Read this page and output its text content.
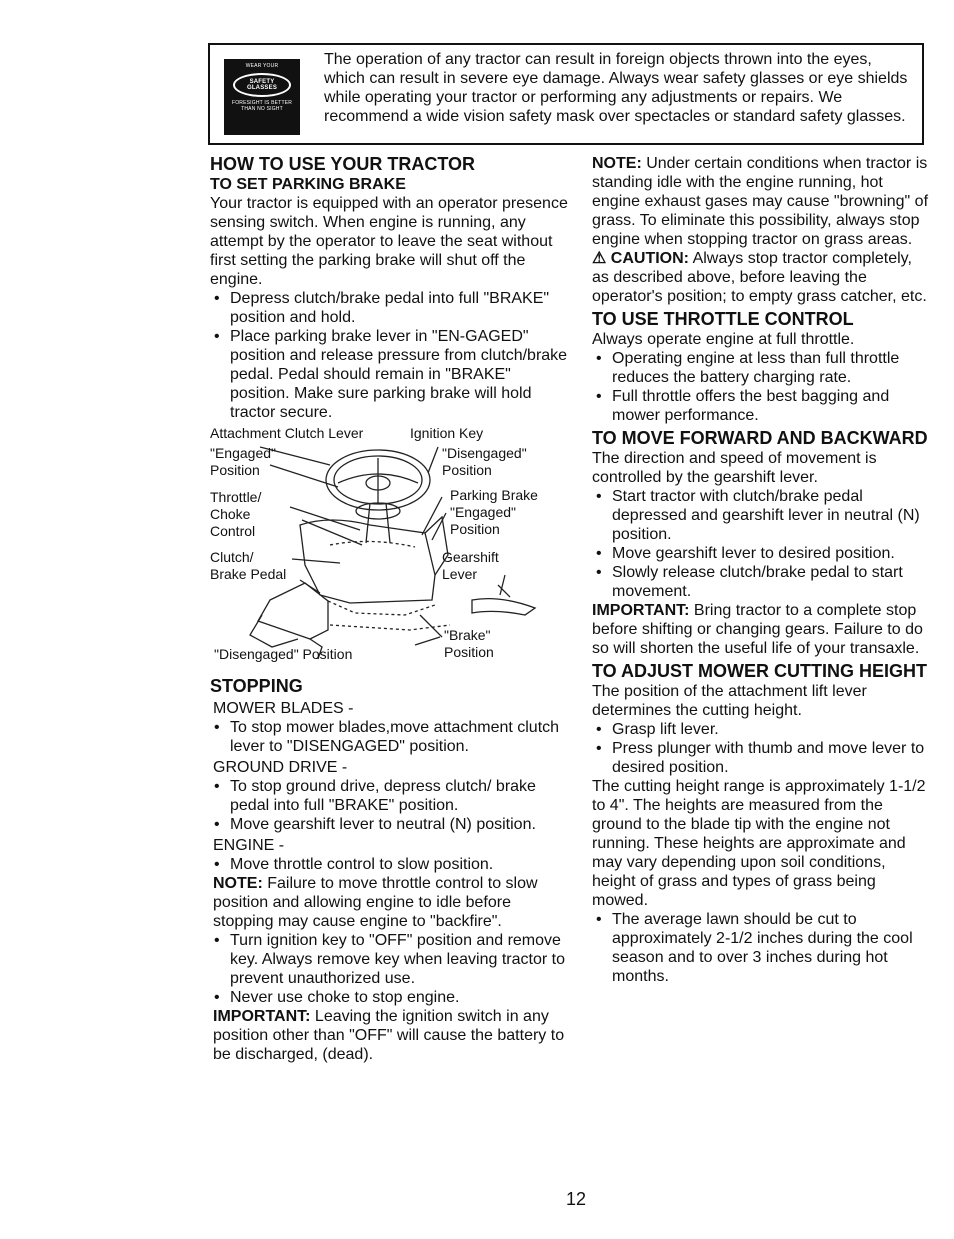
WEAR YOUR
SAFETY GLASSES
FORESIGHT IS BETTER THAN NO SIGHT

The operation of any tractor can result in foreign objects thrown into the eyes, which can result in severe eye damage. Always wear safety glasses or eye shields while operating your tractor or performing any adjustments or repairs. We recommend a wide vision safety mask over spectacles or standard safety glasses.

HOW TO USE YOUR TRACTOR
TO SET PARKING BRAKE

Your tractor is equipped with an operator presence sensing switch. When engine is running, any attempt by the operator to leave the seat without first setting the parking brake will shut off the engine.

• Depress clutch/brake pedal into full "BRAKE" position and hold.
• Place parking brake lever in "EN-GAGED" position and release pressure from clutch/brake pedal. Pedal should remain in "BRAKE" position. Make sure parking brake will hold tractor secure.
Attachment Clutch Lever	Ignition Key
"Engaged"
Position
"Disengaged"
Position
Throttle/
Choke
Control
Parking Brake
"Engaged"
Position
Clutch/
Brake Pedal
Gearshift
Lever
"Brake"
Position
"Disengaged" Position
STOPPING

MOWER BLADES -

• To stop mower blades,move attachment clutch lever to "DISENGAGED" position.

GROUND DRIVE -

• To stop ground drive, depress clutch/ brake pedal into full "BRAKE" position.
• Move gearshift lever to neutral (N) position.

ENGINE -

• Move throttle control to slow position.

NOTE: Failure to move throttle control to slow position and allowing engine to idle before stopping may cause engine to "backfire".

• Turn ignition key to "OFF" position and remove key. Always remove key when leaving tractor to prevent unauthorized use.
• Never use choke to stop engine.

IMPORTANT: Leaving the ignition switch in any position other than "OFF" will cause the battery to be discharged, (dead).

NOTE: Under certain conditions when tractor is standing idle with the engine running, hot engine exhaust gases may cause "browning" of grass. To eliminate this possibility, always stop engine when stopping tractor on grass areas.

⚠ CAUTION: Always stop tractor completely, as described above, before leaving the operator's position; to empty grass catcher, etc.

TO USE THROTTLE CONTROL

Always operate engine at full throttle.

• Operating engine at less than full throttle reduces the battery charging rate.
• Full throttle offers the best bagging and mower performance.
TO MOVE FORWARD AND BACKWARD

The direction and speed of movement is controlled by the gearshift lever.

• Start tractor with clutch/brake pedal depressed and gearshift lever in neutral (N) position.
• Move gearshift lever to desired position.
• Slowly release clutch/brake pedal to start movement.

IMPORTANT: Bring tractor to a complete stop before shifting or changing gears. Failure to do so will shorten the useful life of your transaxle.

TO ADJUST MOWER CUTTING HEIGHT

The position of the attachment lift lever determines the cutting height.

• Grasp lift lever.
• Press plunger with thumb and move lever to desired position.

The cutting height range is approximately 1-1/2 to 4". The heights are measured from the ground to the blade tip with the engine not running. These heights are approximate and may vary depending upon soil conditions, height of grass and types of grass being mowed.

• The average lawn should be cut to approximately 2-1/2 inches during the cool season and to over 3 inches during hot months.
12
